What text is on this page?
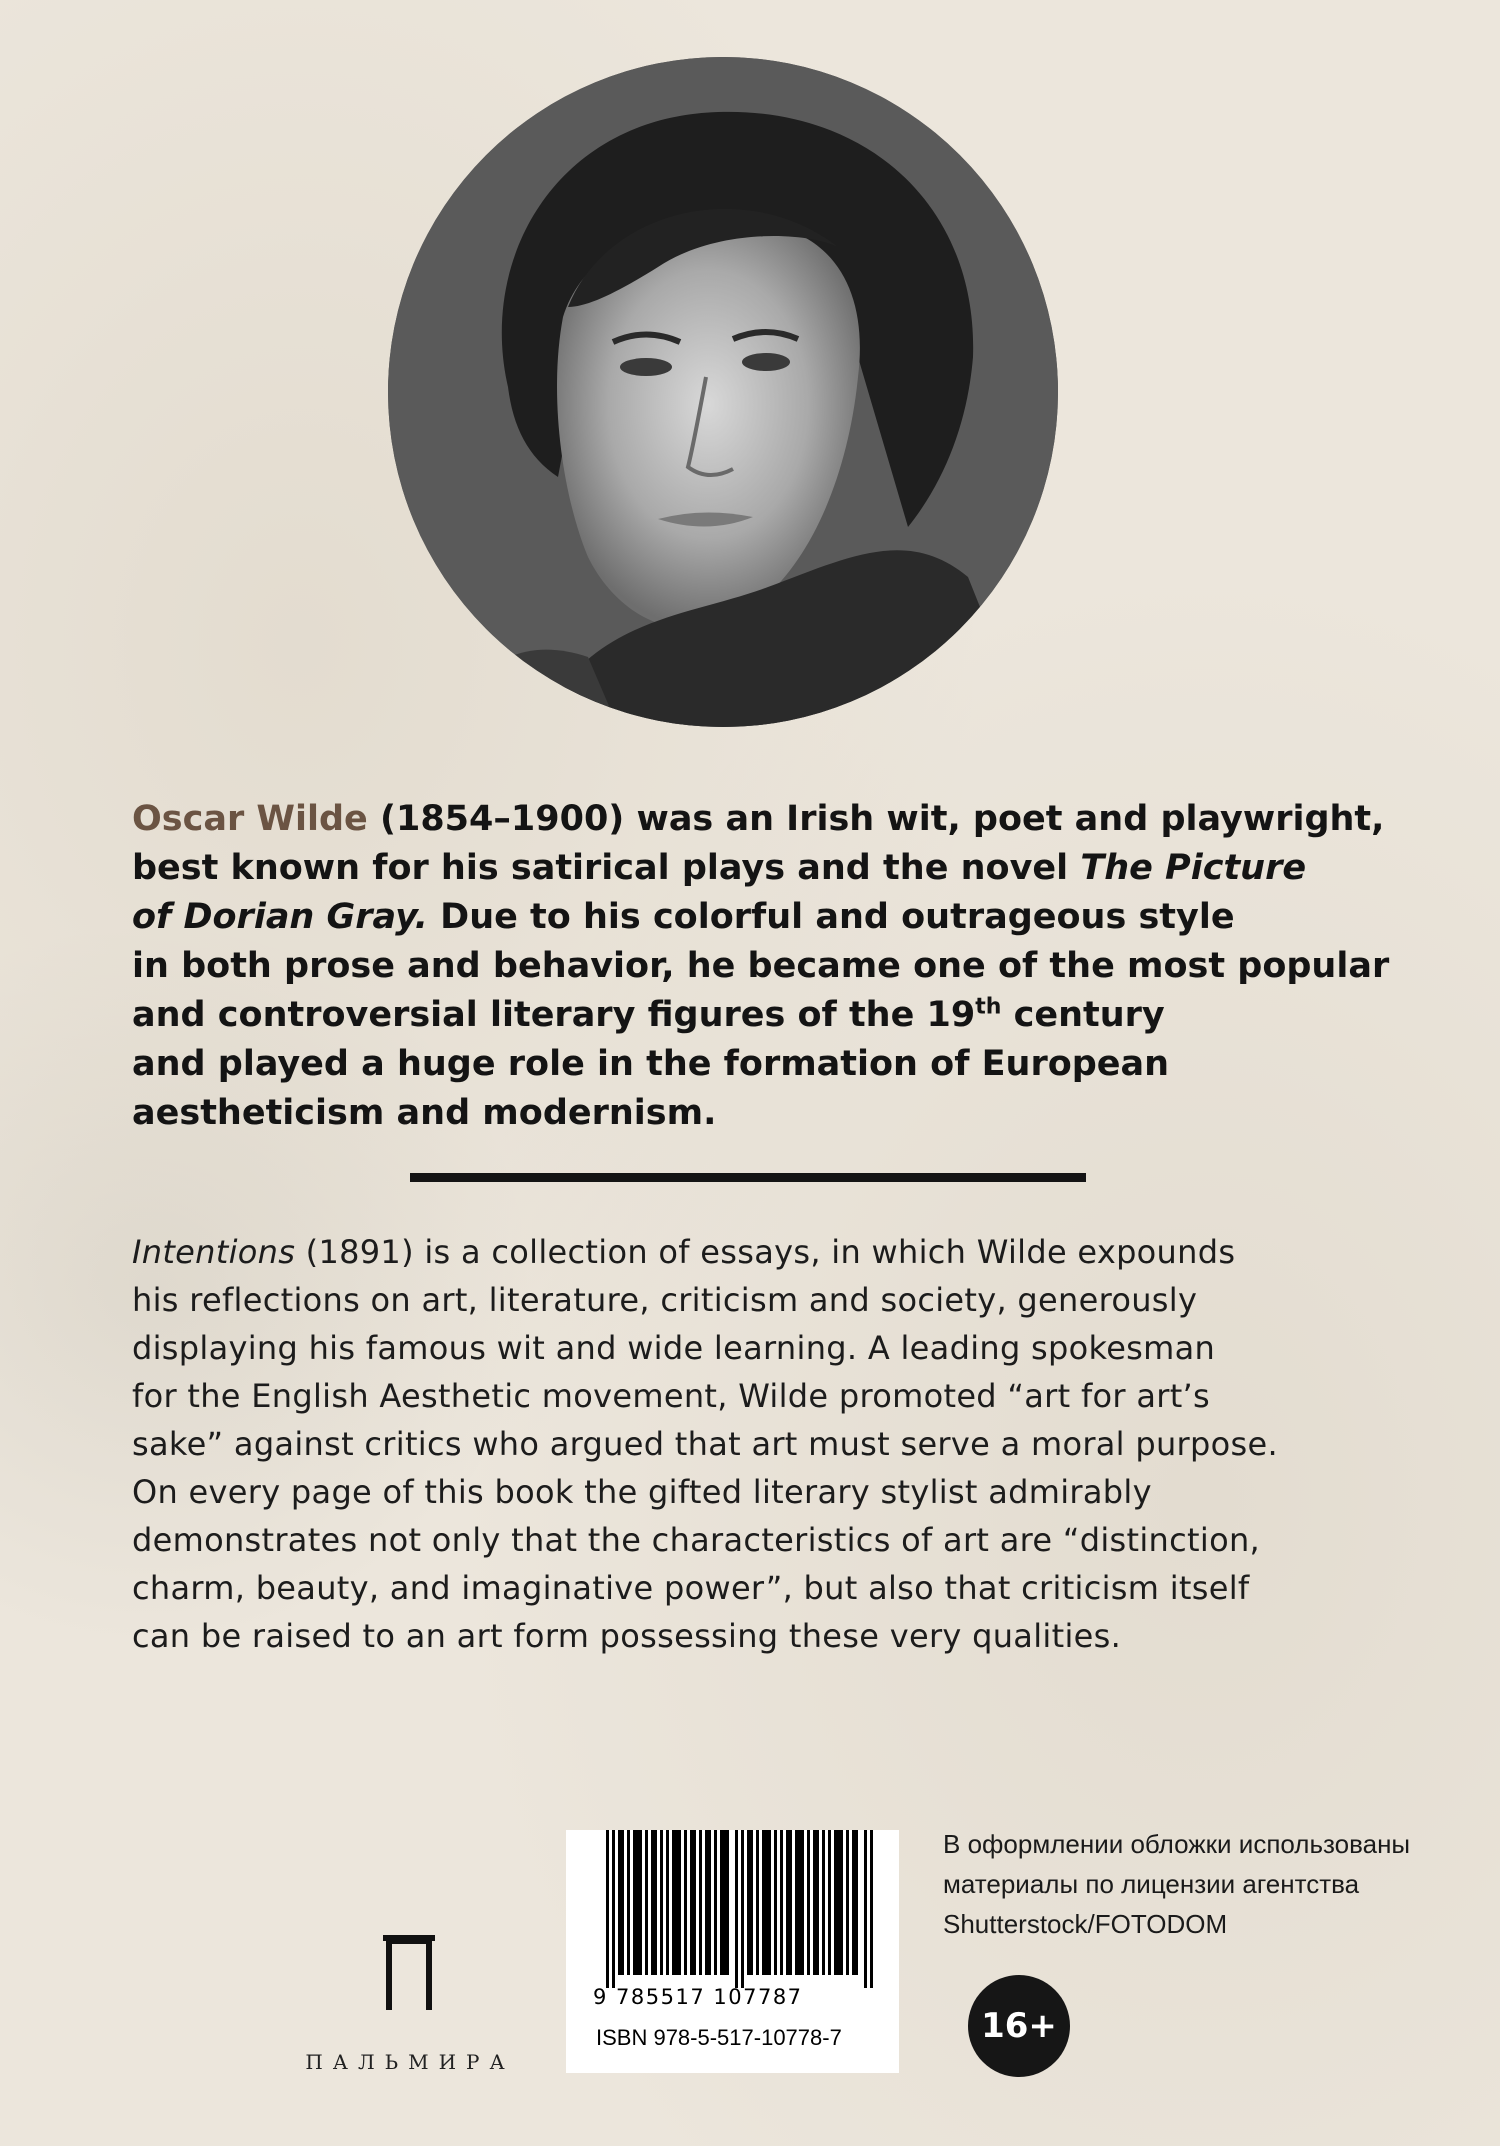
Oscar Wilde (1854–1900) was an Irish wit, poet and playwright,
best known for his satirical plays and the novel The Picture
of Dorian Gray. Due to his colorful and outrageous style
in both prose and behavior, he became one of the most popular
and controversial literary figures of the 19th century
and played a huge role in the formation of European
aestheticism and modernism.
Intentions (1891) is a collection of essays, in which Wilde expounds
his reflections on art, literature, criticism and society, generously
displaying his famous wit and wide learning. A leading spokesman
for the English Aesthetic movement, Wilde promoted “art for art’s
sake” against critics who argued that art must serve a moral purpose.
On every page of this book the gifted literary stylist admirably
demonstrates not only that the characteristics of art are “distinction,
charm, beauty, and imaginative power”, but also that criticism itself
can be raised to an art form possessing these very qualities.
ПАЛЬМИРА
9 785517 107787
ISBN 978-5-517-10778-7
В оформлении обложки использованы
материалы по лицензии агентства
Shutterstock/FOTODOM
16+
